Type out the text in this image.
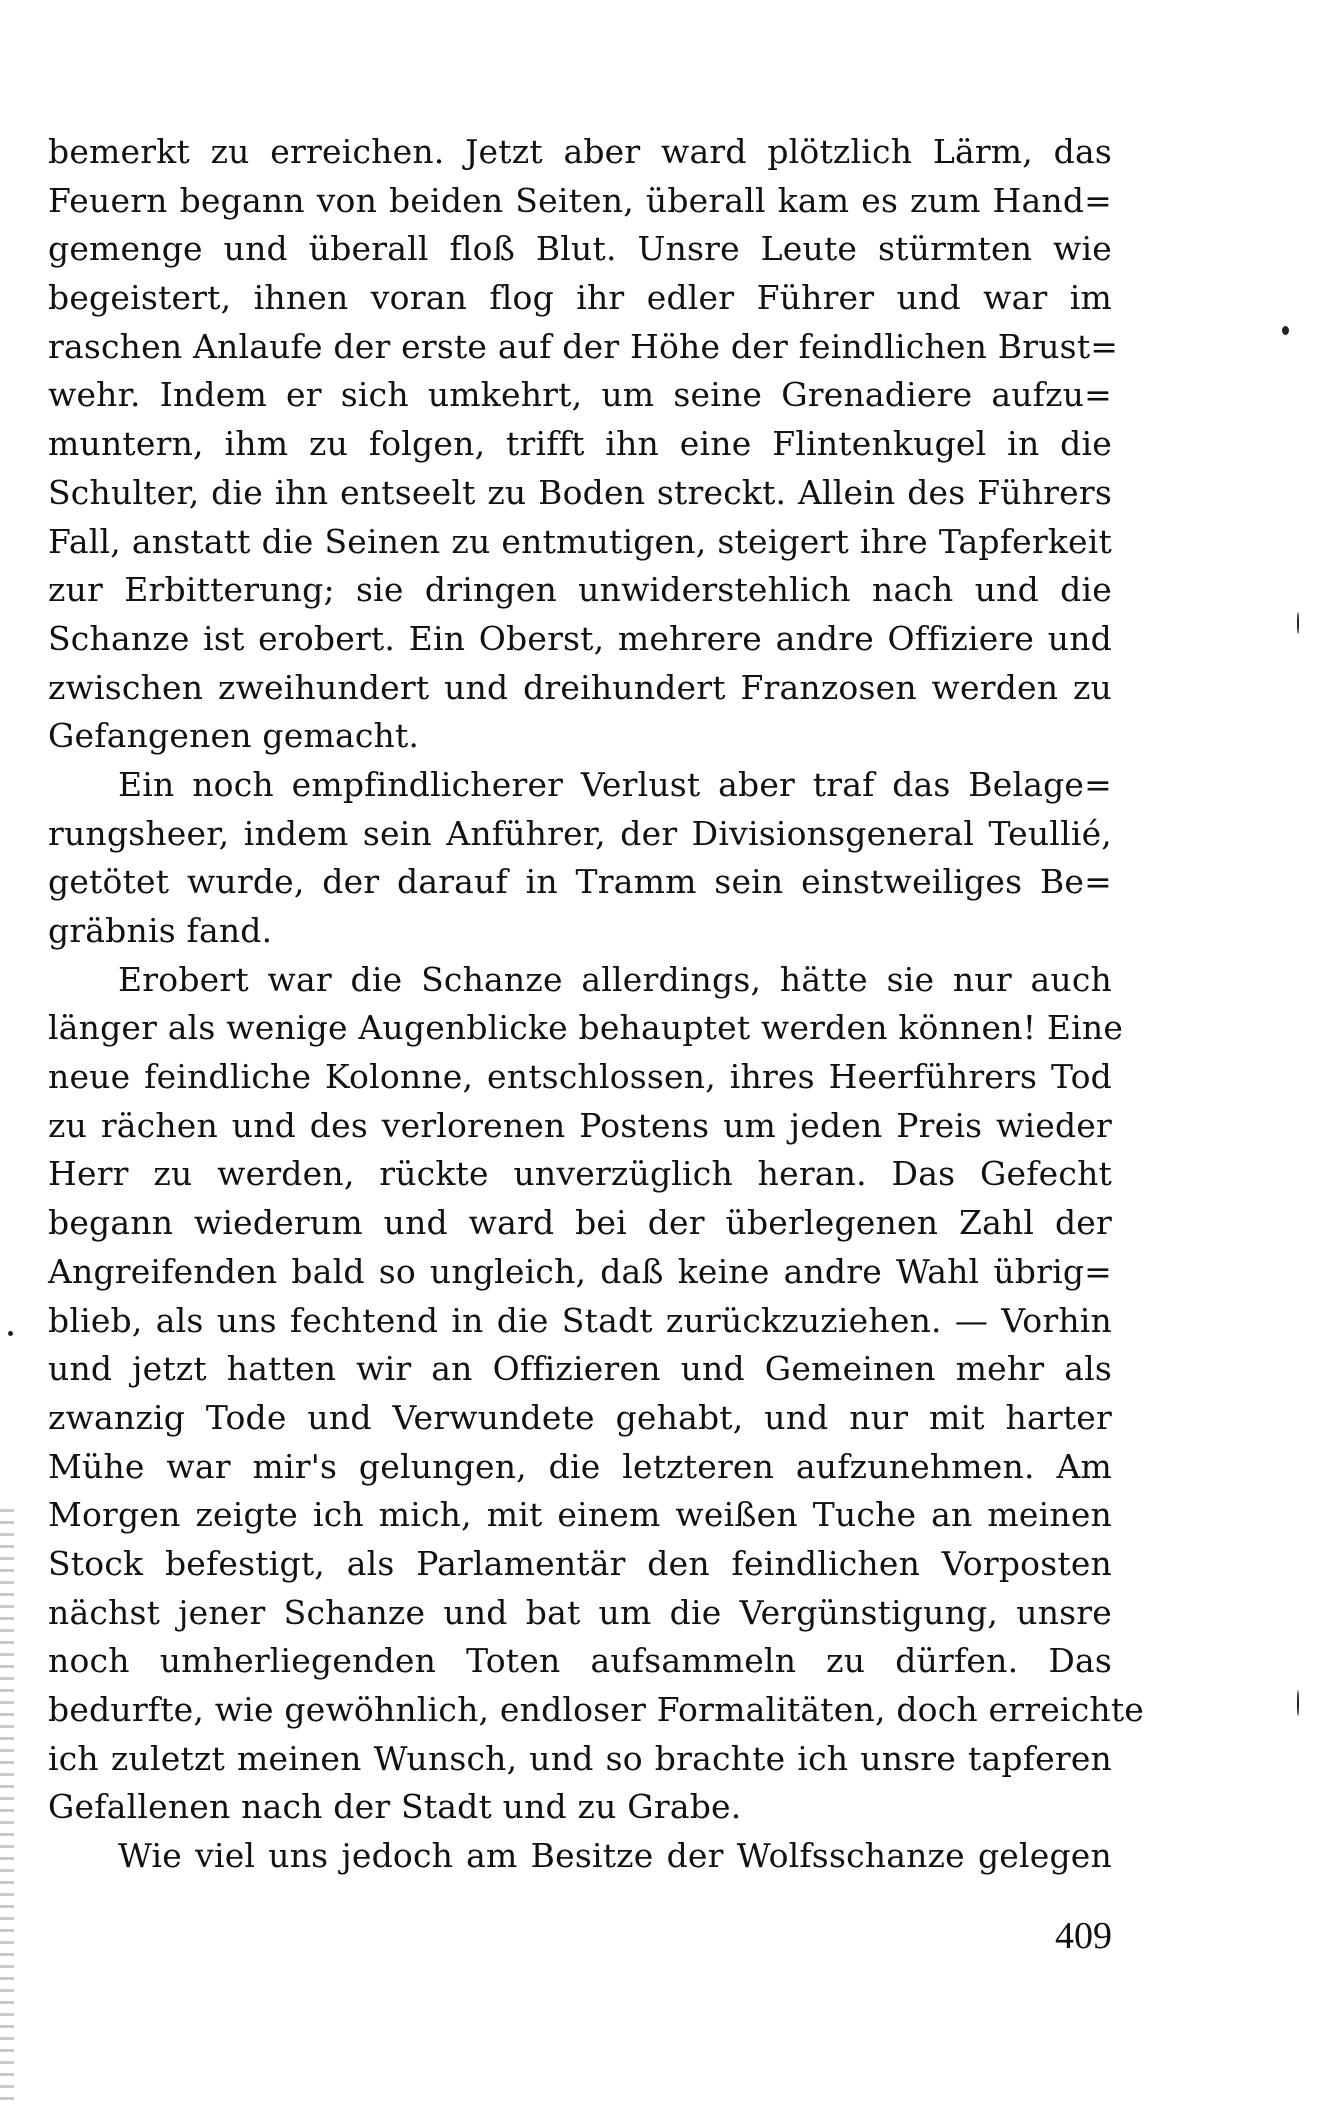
bemerkt zu erreichen. Jetzt aber ward plötzlich Lärm, das
Feuern begann von beiden Seiten, überall kam es zum Hand=
gemenge und überall floß Blut. Unsre Leute stürmten wie
begeistert, ihnen voran flog ihr edler Führer und war im
raschen Anlaufe der erste auf der Höhe der feindlichen Brust=
wehr. Indem er sich umkehrt, um seine Grenadiere aufzu=
muntern, ihm zu folgen, trifft ihn eine Flintenkugel in die
Schulter, die ihn entseelt zu Boden streckt. Allein des Führers
Fall, anstatt die Seinen zu entmutigen, steigert ihre Tapferkeit
zur Erbitterung; sie dringen unwiderstehlich nach und die
Schanze ist erobert. Ein Oberst, mehrere andre Offiziere und
zwischen zweihundert und dreihundert Franzosen werden zu
Gefangenen gemacht.
Ein noch empfindlicherer Verlust aber traf das Belage=
rungsheer, indem sein Anführer, der Divisionsgeneral Teullié,
getötet wurde, der darauf in Tramm sein einstweiliges Be=
gräbnis fand.
Erobert war die Schanze allerdings, hätte sie nur auch
länger als wenige Augenblicke behauptet werden können! Eine
neue feindliche Kolonne, entschlossen, ihres Heerführers Tod
zu rächen und des verlorenen Postens um jeden Preis wieder
Herr zu werden, rückte unverzüglich heran. Das Gefecht
begann wiederum und ward bei der überlegenen Zahl der
Angreifenden bald so ungleich, daß keine andre Wahl übrig=
blieb, als uns fechtend in die Stadt zurückzuziehen. — Vorhin
und jetzt hatten wir an Offizieren und Gemeinen mehr als
zwanzig Tode und Verwundete gehabt, und nur mit harter
Mühe war mir's gelungen, die letzteren aufzunehmen. Am
Morgen zeigte ich mich, mit einem weißen Tuche an meinen
Stock befestigt, als Parlamentär den feindlichen Vorposten
nächst jener Schanze und bat um die Vergünstigung, unsre
noch umherliegenden Toten aufsammeln zu dürfen. Das
bedurfte, wie gewöhnlich, endloser Formalitäten, doch erreichte
ich zuletzt meinen Wunsch, und so brachte ich unsre tapferen
Gefallenen nach der Stadt und zu Grabe.
Wie viel uns jedoch am Besitze der Wolfsschanze gelegen
409
